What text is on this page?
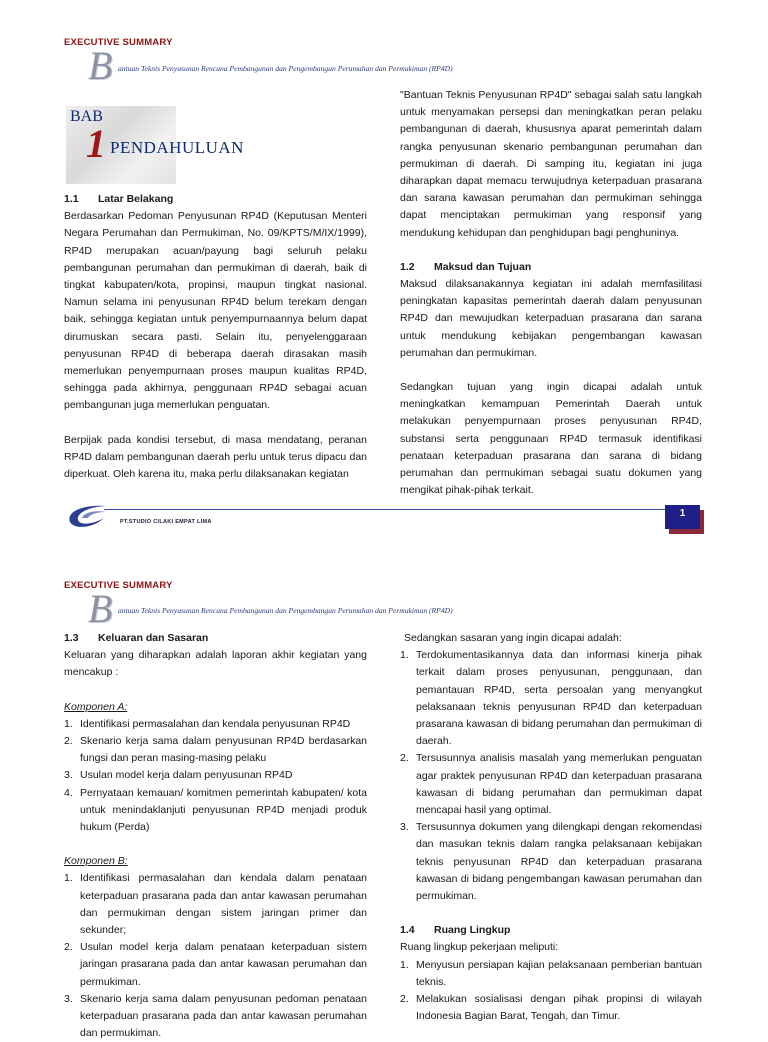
EXECUTIVE SUMMARY
B antuan Teknis Penyusunan Rencana Pembangunan dan Pengembangan Perumahan dan Permukiman (RP4D)
BAB
1 PENDAHULUAN
1.1 Latar Belakang

Berdasarkan Pedoman Penyusunan RP4D (Keputusan Menteri Negara Perumahan dan Permukiman, No. 09/KPTS/M/IX/1999), RP4D merupakan acuan/payung bagi seluruh pelaku pembangunan perumahan dan permukiman di daerah, baik di tingkat kabupaten/kota, propinsi, maupun tingkat nasional. Namun selama ini penyusunan RP4D belum terekam dengan baik, sehingga kegiatan untuk penyempurnaannya belum dapat dirumuskan secara pasti. Selain itu, penyelenggaraan penyusunan RP4D di beberapa daerah dirasakan masih memerlukan penyempurnaan proses maupun kualitas RP4D, sehingga pada akhirnya, penggunaan RP4D sebagai acuan pembangunan juga memerlukan penguatan.

Berpijak pada kondisi tersebut, di masa mendatang, peranan RP4D dalam pembangunan daerah perlu untuk terus dipacu dan diperkuat. Oleh karena itu, maka perlu dilaksanakan kegiatan

"Bantuan Teknis Penyusunan RP4D" sebagai salah satu langkah untuk menyamakan persepsi dan meningkatkan peran pelaku pembangunan di daerah, khususnya aparat pemerintah dalam rangka penyusunan skenario pembangunan perumahan dan permukiman di daerah. Di samping itu, kegiatan ini juga diharapkan dapat memacu terwujudnya keterpaduan prasarana dan sarana kawasan perumahan dan permukiman sehingga dapat menciptakan permukiman yang responsif yang mendukung kehidupan dan penghidupan bagi penghuninya.

1.2 Maksud dan Tujuan

Maksud dilaksanakannya kegiatan ini adalah memfasilitasi peningkatan kapasitas pemerintah daerah dalam penyusunan RP4D dan mewujudkan keterpaduan prasarana dan sarana untuk mendukung kebijakan pengembangan kawasan perumahan dan permukiman.

Sedangkan tujuan yang ingin dicapai adalah untuk meningkatkan kemampuan Pemerintah Daerah untuk melakukan penyempurnaan proses penyusunan RP4D, substansi serta penggunaan RP4D termasuk identifikasi penataan keterpaduan prasarana dan sarana di bidang perumahan dan permukiman sebagai suatu dokumen yang mengikat pihak-pihak terkait.

1
PT.STUDIO CILAKI EMPAT LIMA
EXECUTIVE SUMMARY
B antuan Teknis Penyusunan Rencana Pembangunan dan Pengembangan Perumahan dan Permukiman (RP4D)
1.3 Keluaran dan Sasaran

Keluaran yang diharapkan adalah laporan akhir kegiatan yang mencakup :

Komponen A:

1. Identifikasi permasalahan dan kendala penyusunan RP4D
2. Skenario kerja sama dalam penyusunan RP4D berdasarkan fungsi dan peran masing-masing pelaku
3. Usulan model kerja dalam penyusunan RP4D
4. Pernyataan kemauan/ komitmen pemerintah kabupaten/ kota untuk menindaklanjuti penyusunan RP4D menjadi produk hukum (Perda)

Komponen B:

1. Identifikasi permasalahan dan kendala dalam penataan keterpaduan prasarana pada dan antar kawasan perumahan dan permukiman dengan sistem jaringan primer dan sekunder;
2. Usulan model kerja dalam penataan keterpaduan sistem jaringan prasarana pada dan antar kawasan perumahan dan permukiman.
3. Skenario kerja sama dalam penyusunan pedoman penataan keterpaduan prasarana pada dan antar kawasan perumahan dan permukiman.

Sedangkan sasaran yang ingin dicapai adalah:

1. Terdokumentasikannya data dan informasi kinerja pihak terkait dalam proses penyusunan, penggunaan, dan pemantauan RP4D, serta persoalan yang menyangkut pelaksanaan teknis penyusunan RP4D dan keterpaduan prasarana kawasan di bidang perumahan dan permukiman di daerah.
2. Tersusunnya analisis masalah yang memerlukan penguatan agar praktek penyusunan RP4D dan keterpaduan prasarana kawasan di bidang perumahan dan permukiman dapat mencapai hasil yang optimal.
3. Tersusunnya dokumen yang dilengkapi dengan rekomendasi dan masukan teknis dalam rangka pelaksanaan kebijakan teknis penyusunan RP4D dan keterpaduan prasarana kawasan di bidang pengembangan kawasan perumahan dan permukiman.
1.4 Ruang Lingkup

Ruang lingkup pekerjaan meliputi:

1. Menyusun persiapan kajian pelaksanaan pemberian bantuan teknis.
2. Melakukan sosialisasi dengan pihak propinsi di wilayah Indonesia Bagian Barat, Tengah, dan Timur.
